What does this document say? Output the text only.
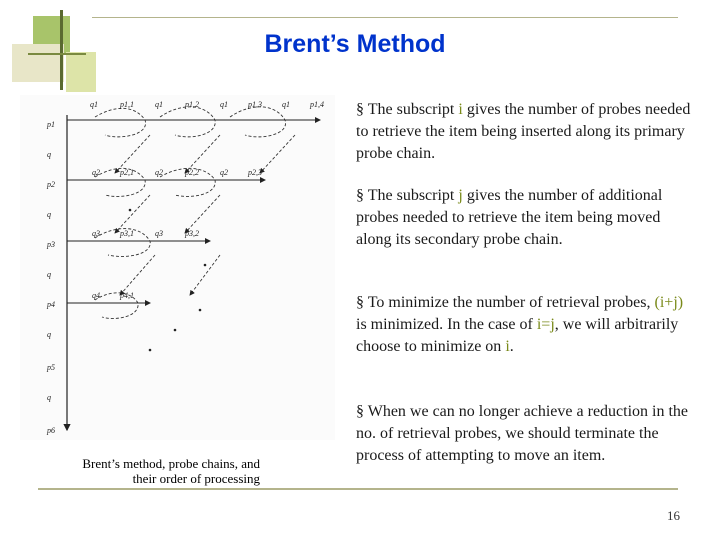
Brent’s Method
p1
q
p2
q
p3
q
p4
q
p5
q
p6
q1	p1,1	q1	p1,2	q1	p1,3	q1	p1,4
q2	p2,1	q2	p2,2	q2	p2,3
q3	p3,1	q3	p3,2
q4	p4,1
Brent’s method, probe chains, and
their order of processing
§ The subscript i gives the number of probes needed to retrieve the item being inserted along its primary probe chain.
§ The subscript j gives the number of additional probes needed to retrieve the item being moved along its secondary probe chain.
§ To minimize the number of retrieval probes, (i+j) is minimized. In the case of i=j, we will arbitrarily choose to minimize on i.
§ When we can no longer achieve a reduction in the no. of retrieval probes, we should terminate the process of attempting to move an item.
16
